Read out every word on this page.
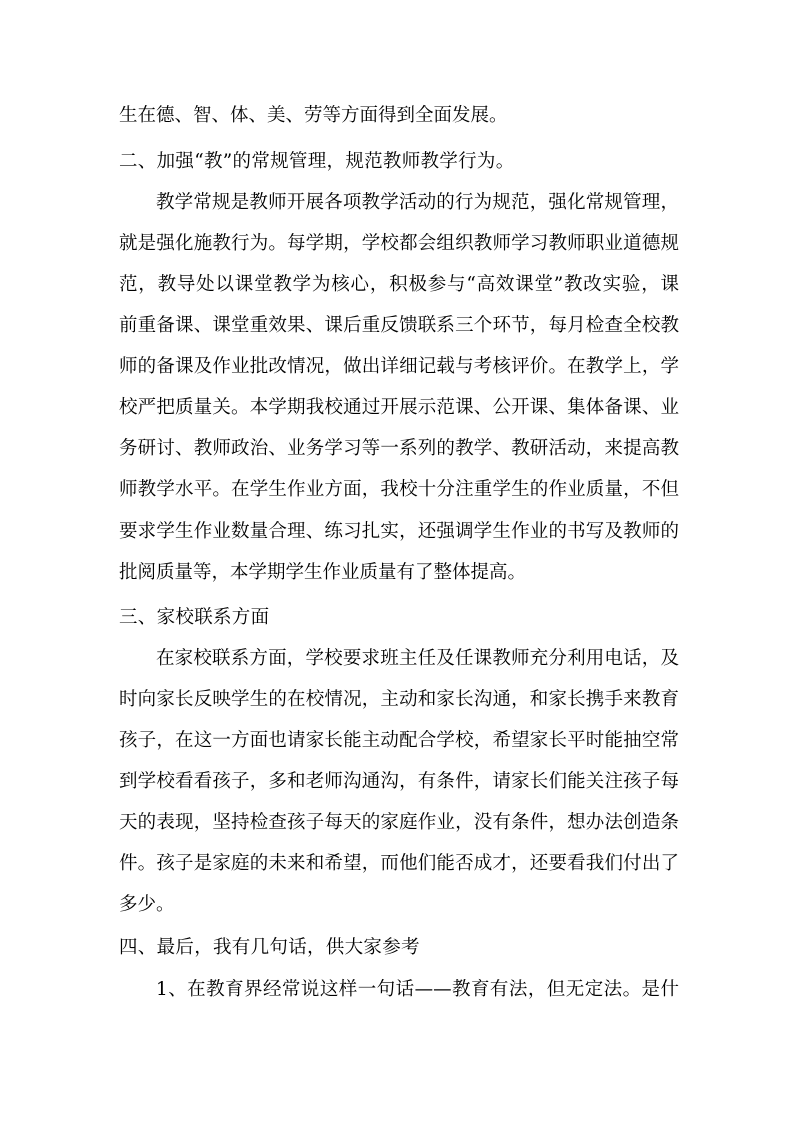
生在德、智、体、美、劳等方面得到全面发展。
二、加强“教”的常规管理，规范教师教学行为。
教学常规是教师开展各项教学活动的行为规范，强化常规管理，
就是强化施教行为。每学期，学校都会组织教师学习教师职业道德规
范，教导处以课堂教学为核心，积极参与“高效课堂”教改实验，课
前重备课、课堂重效果、课后重反馈联系三个环节，每月检查全校教
师的备课及作业批改情况，做出详细记载与考核评价。在教学上，学
校严把质量关。本学期我校通过开展示范课、公开课、集体备课、业
务研讨、教师政治、业务学习等一系列的教学、教研活动，来提高教
师教学水平。在学生作业方面，我校十分注重学生的作业质量，不但
要求学生作业数量合理、练习扎实，还强调学生作业的书写及教师的
批阅质量等，本学期学生作业质量有了整体提高。
三、家校联系方面
在家校联系方面，学校要求班主任及任课教师充分利用电话，及
时向家长反映学生的在校情况，主动和家长沟通，和家长携手来教育
孩子，在这一方面也请家长能主动配合学校，希望家长平时能抽空常
到学校看看孩子，多和老师沟通沟，有条件，请家长们能关注孩子每
天的表现，坚持检查孩子每天的家庭作业，没有条件，想办法创造条
件。孩子是家庭的未来和希望，而他们能否成才，还要看我们付出了
多少。
四、最后，我有几句话，供大家参考
1、在教育界经常说这样一句话——教育有法，但无定法。是什
